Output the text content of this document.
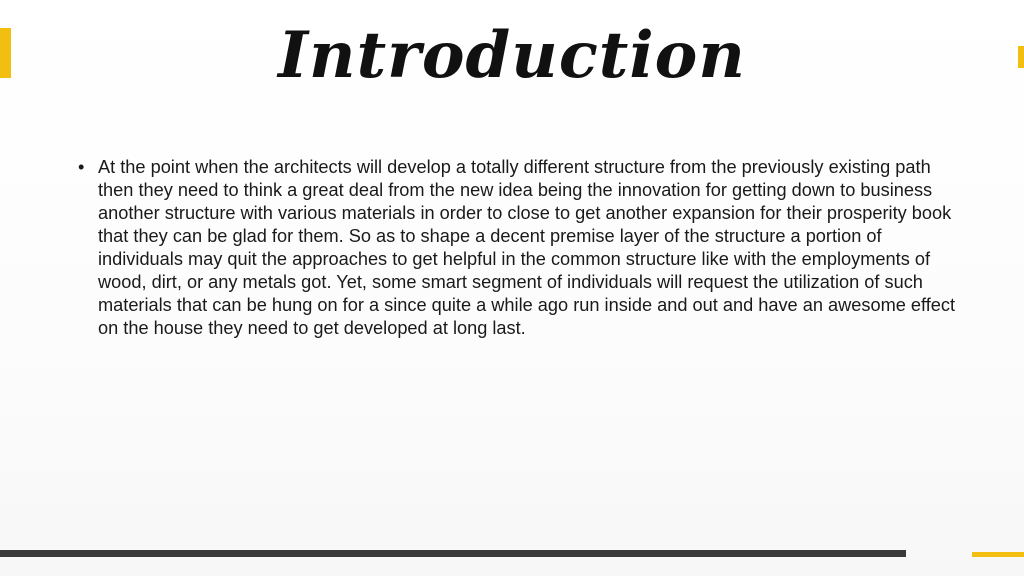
Introduction
• At the point when the architects will develop a totally different structure from the previously existing path then they need to think a great deal from the new idea being the innovation for getting down to business another structure with various materials in order to close to get another expansion for their prosperity book that they can be glad for them. So as to shape a decent premise layer of the structure a portion of individuals may quit the approaches to get helpful in the common structure like with the employments of wood, dirt, or any metals got. Yet, some smart segment of individuals will request the utilization of such materials that can be hung on for a since quite a while ago run inside and out and have an awesome effect on the house they need to get developed at long last.
